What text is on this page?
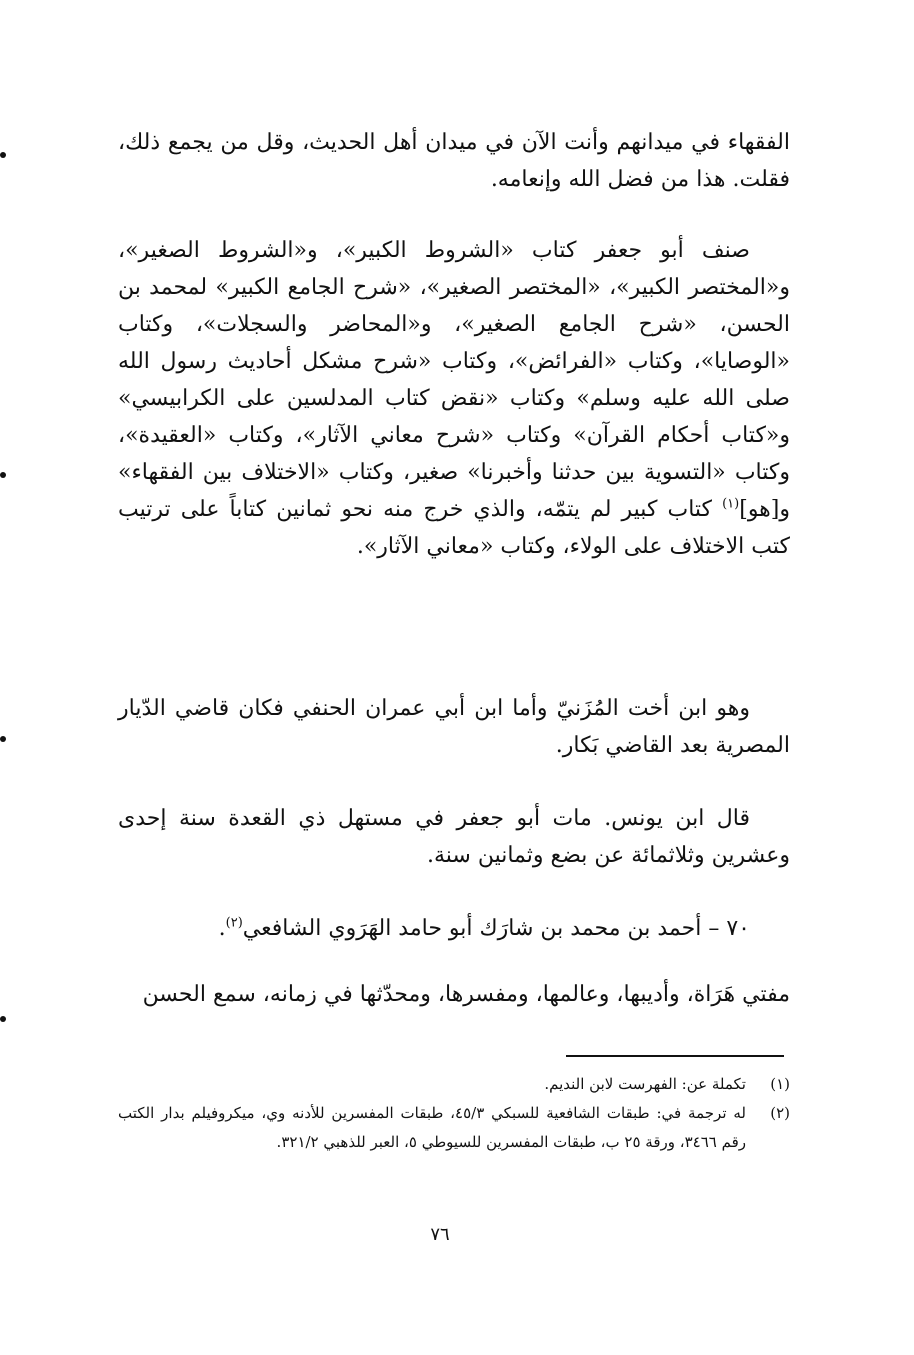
الفقهاء في ميدانهم وأنت الآن في ميدان أهل الحديث، وقل من يجمع ذلك، فقلت. هذا من فضل الله وإنعامه.

صنف أبو جعفر كتاب «الشروط الكبير»، و«الشروط الصغير»، و«المختصر الكبير»، «المختصر الصغير»، «شرح الجامع الكبير» لمحمد بن الحسن، «شرح الجامع الصغير»، و«المحاضر والسجلات»، وكتاب «الوصايا»، وكتاب «الفرائض»، وكتاب «شرح مشكل أحاديث رسول الله صلى الله عليه وسلم» وكتاب «نقض كتاب المدلسين على الكرابيسي» و«كتاب أحكام القرآن» وكتاب «شرح معاني الآثار»، وكتاب «العقيدة»، وكتاب «التسوية بين حدثنا وأخبرنا» صغير، وكتاب «الاختلاف بين الفقهاء» و[هو]$^{(١)}$ كتاب كبير لم يتمّه، والذي خرج منه نحو ثمانين كتاباً على ترتيب كتب الاختلاف على الولاء، وكتاب «معاني الآثار».

وهو ابن أخت المُزَنيّ وأما ابن أبي عمران الحنفي فكان قاضي الدّيار المصرية بعد القاضي بَكار.

قال ابن يونس. مات أبو جعفر في مستهل ذي القعدة سنة إحدى وعشرين وثلاثمائة عن بضع وثمانين سنة.

٧٠ – أحمد بن محمد بن شارَك أبو حامد الهَرَوي الشافعي$^{(٢)}$.

مفتي هَرَاة، وأديبها، وعالمها، ومفسرها، ومحدّثها في زمانه، سمع الحسن

(١)
تكملة عن: الفهرست لابن النديم.
(٢)
له ترجمة في: طبقات الشافعية للسبكي ٤٥/٣، طبقات المفسرين للأدنه وي، ميكروفيلم بدار الكتب رقم ٣٤٦٦، ورقة ٢٥ ب، طبقات المفسرين للسيوطي ٥، العبر للذهبي ٣٢١/٢.
٧٦
